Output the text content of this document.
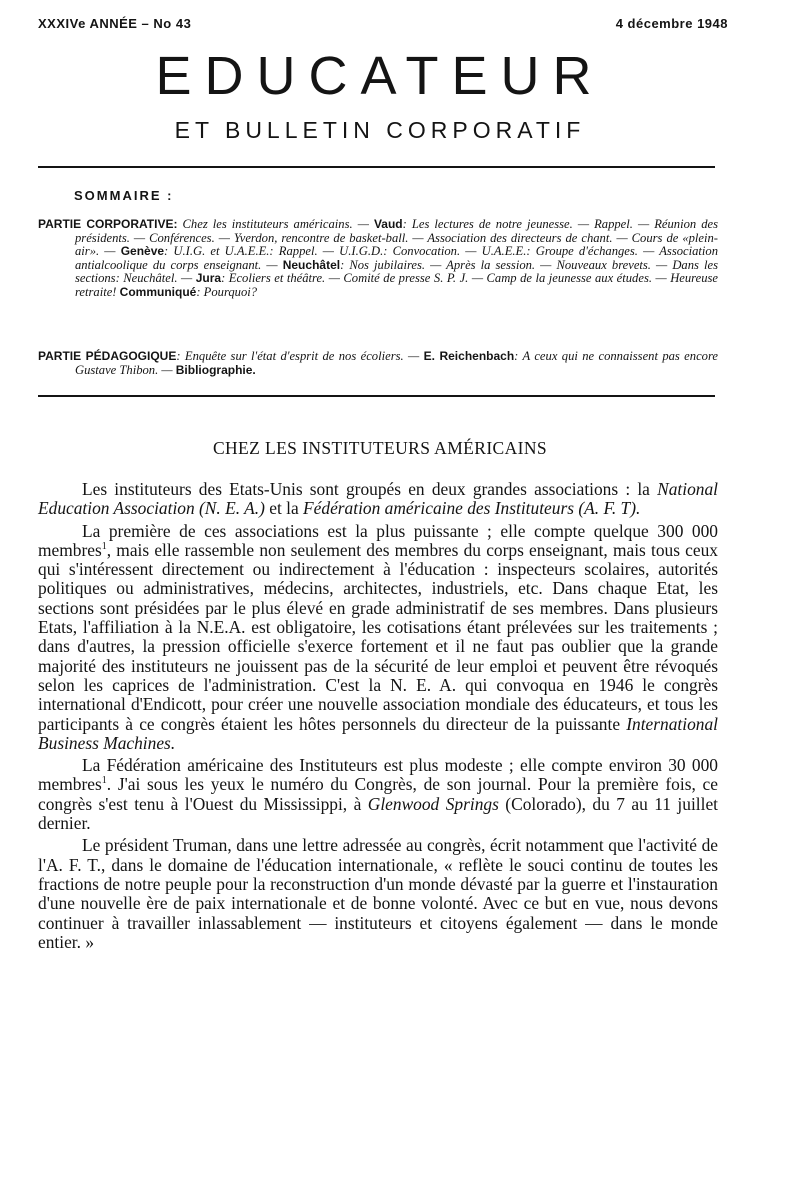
XXXIVe ANNÉE – No 43	4 décembre 1948
EDUCATEUR
ET BULLETIN CORPORATIF
SOMMAIRE :
PARTIE CORPORATIVE: Chez les instituteurs américains. — Vaud: Les lectures de notre jeunesse. — Rappel. — Réunion des présidents. — Conférences. — Yverdon, rencontre de basket-ball. — Association des directeurs de chant. — Cours de «plein-air». — Genève: U.I.G. et U.A.E.E.: Rappel. — U.I.G.D.: Convocation. — U.A.E.E.: Groupe d'échanges. — Association antialcoolique du corps enseignant. — Neuchâtel: Nos jubilaires. — Après la session. — Nouveaux brevets. — Dans les sections: Neuchâtel. — Jura: Ecoliers et théâtre. — Comité de presse S. P. J. — Camp de la jeunesse aux études. — Heureuse retraite! Communiqué: Pourquoi?
PARTIE PÉDAGOGIQUE: Enquête sur l'état d'esprit de nos écoliers. — E. Reichenbach: A ceux qui ne connaissent pas encore Gustave Thibon. — Bibliographie.
CHEZ LES INSTITUTEURS AMÉRICAINS

Les instituteurs des Etats-Unis sont groupés en deux grandes associations : la National Education Association (N. E. A.) et la Fédération américaine des Instituteurs (A. F. T).

La première de ces associations est la plus puissante ; elle compte quelque 300 000 membres$^1$, mais elle rassemble non seulement des membres du corps enseignant, mais tous ceux qui s'intéressent directement ou indirectement à l'éducation : inspecteurs scolaires, autorités politiques ou administratives, médecins, architectes, industriels, etc. Dans chaque Etat, les sections sont présidées par le plus élevé en grade administratif de ses membres. Dans plusieurs Etats, l'affiliation à la N.E.A. est obligatoire, les cotisations étant prélevées sur les traitements ; dans d'autres, la pression officielle s'exerce fortement et il ne faut pas oublier que la grande majorité des instituteurs ne jouissent pas de la sécurité de leur emploi et peuvent être révoqués selon les caprices de l'administration. C'est la N. E. A. qui convoqua en 1946 le congrès international d'Endicott, pour créer une nouvelle association mondiale des éducateurs, et tous les participants à ce congrès étaient les hôtes personnels du directeur de la puissante International Business Machines.

La Fédération américaine des Instituteurs est plus modeste ; elle compte environ 30 000 membres$^1$. J'ai sous les yeux le numéro du Congrès, de son journal. Pour la première fois, ce congrès s'est tenu à l'Ouest du Mississippi, à Glenwood Springs (Colorado), du 7 au 11 juillet dernier.

Le président Truman, dans une lettre adressée au congrès, écrit notamment que l'activité de l'A. F. T., dans le domaine de l'éducation internationale, « reflète le souci continu de toutes les fractions de notre peuple pour la reconstruction d'un monde dévasté par la guerre et l'instauration d'une nouvelle ère de paix internationale et de bonne volonté. Avec ce but en vue, nous devons continuer à travailler inlassablement — instituteurs et citoyens également — dans le monde entier. »
